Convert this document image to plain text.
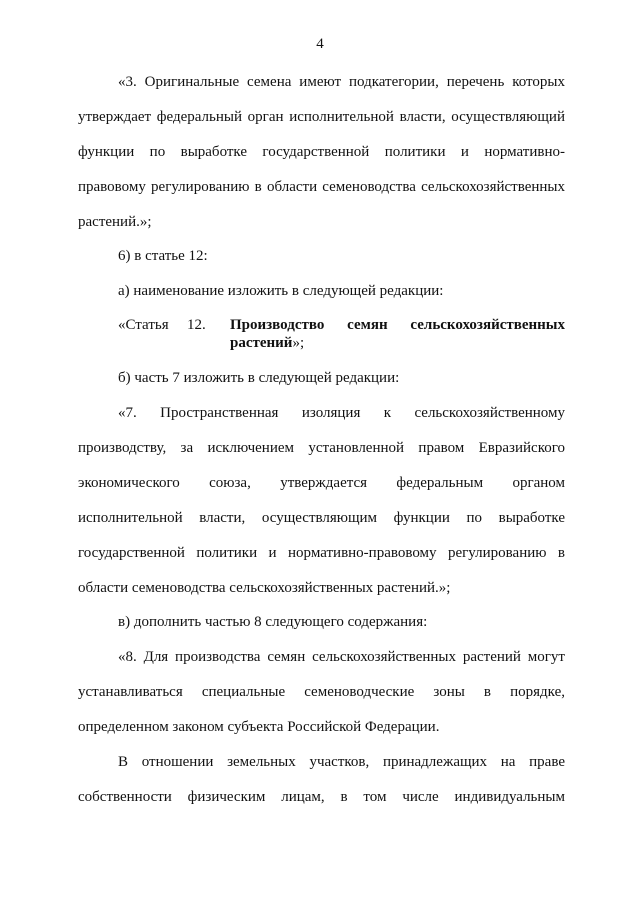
4
«3. Оригинальные семена имеют подкатегории, перечень которых
утверждает федеральный орган исполнительной власти, осуществляющий
функции по выработке государственной политики и нормативно-
правовому регулированию в области семеноводства сельскохозяйственных
растений.»;
6) в статье 12:
а) наименование изложить в следующей редакции:
«Статья 12. Производство семян сельскохозяйственных
растений»;
б) часть 7 изложить в следующей редакции:
«7. Пространственная изоляция к сельскохозяйственному
производству, за исключением установленной правом Евразийского
экономического союза, утверждается федеральным органом
исполнительной власти, осуществляющим функции по выработке
государственной политики и нормативно-правовому регулированию в
области семеноводства сельскохозяйственных растений.»;
в) дополнить частью 8 следующего содержания:
«8. Для производства семян сельскохозяйственных растений могут
устанавливаться специальные семеноводческие зоны в порядке,
определенном законом субъекта Российской Федерации.
В отношении земельных участков, принадлежащих на праве
собственности физическим лицам, в том числе индивидуальным
